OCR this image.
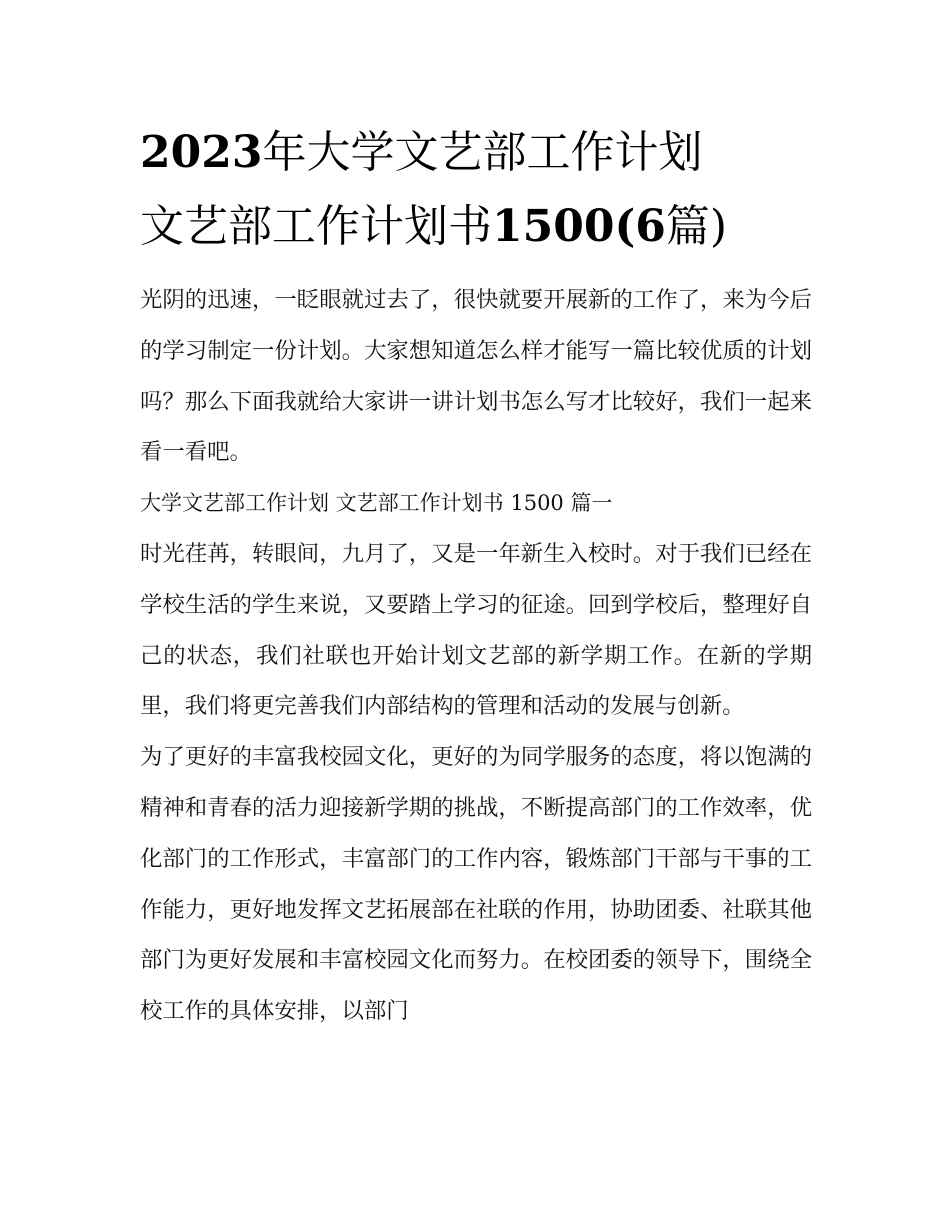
2023年大学文艺部工作计划
文艺部工作计划书1500(6篇)

光阴的迅速，一眨眼就过去了，很快就要开展新的工作了，来为今后的学习制定一份计划。大家想知道怎么样才能写一篇比较优质的计划吗？那么下面我就给大家讲一讲计划书怎么写才比较好，我们一起来看一看吧。

大学文艺部工作计划 文艺部工作计划书 1500 篇一

时光荏苒，转眼间，九月了，又是一年新生入校时。对于我们已经在学校生活的学生来说，又要踏上学习的征途。回到学校后，整理好自己的状态，我们社联也开始计划文艺部的新学期工作。在新的学期里，我们将更完善我们内部结构的管理和活动的发展与创新。

为了更好的丰富我校园文化，更好的为同学服务的态度，将以饱满的精神和青春的活力迎接新学期的挑战，不断提高部门的工作效率，优化部门的工作形式，丰富部门的工作内容，锻炼部门干部与干事的工作能力，更好地发挥文艺拓展部在社联的作用，协助团委、社联其他部门为更好发展和丰富校园文化而努力。在校团委的领导下，围绕全校工作的具体安排，以部门
